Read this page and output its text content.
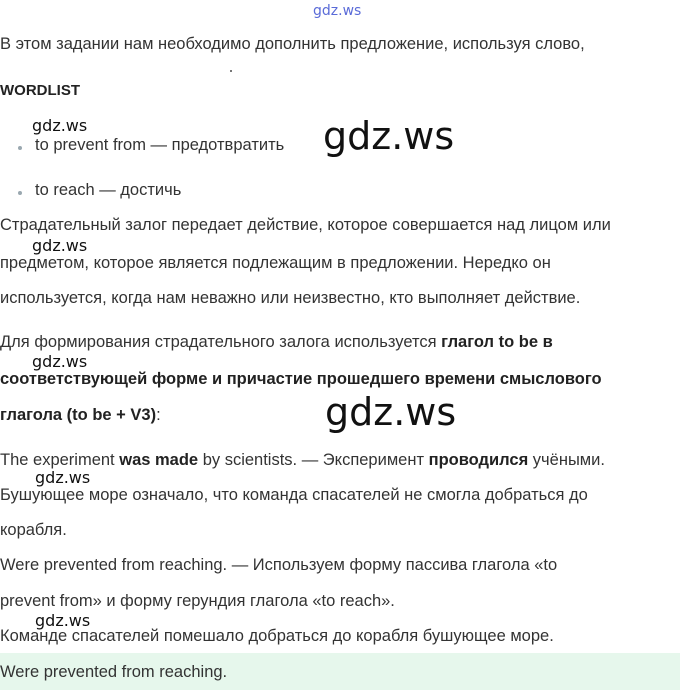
gdz.ws
В этом задании нам необходимо дополнить предложение, используя слово,
WORDLIST
gdz.ws	gdz.ws
to prevent from — предотвратить
to reach — достичь
Страдательный залог передает действие, которое совершается над лицом или
gdz.ws
предметом, которое является подлежащим в предложении. Нередко он
используется, когда нам неважно или неизвестно, кто выполняет действие.
Для формирования страдательного залога используется глагол to be в
gdz.ws
соответствующей форме и причастие прошедшего времени смыслового
глагола (to be + V3):	gdz.ws
The experiment was made by scientists. — Эксперимент проводился учёными.
gdz.ws
Бушующее море означало, что команда спасателей не смогла добраться до
корабля.
Were prevented from reaching. — Используем форму пассива глагола «to
prevent from» и форму герундия глагола «to reach».
gdz.ws
Команде спасателей помешало добраться до корабля бушующее море.
Were prevented from reaching.
